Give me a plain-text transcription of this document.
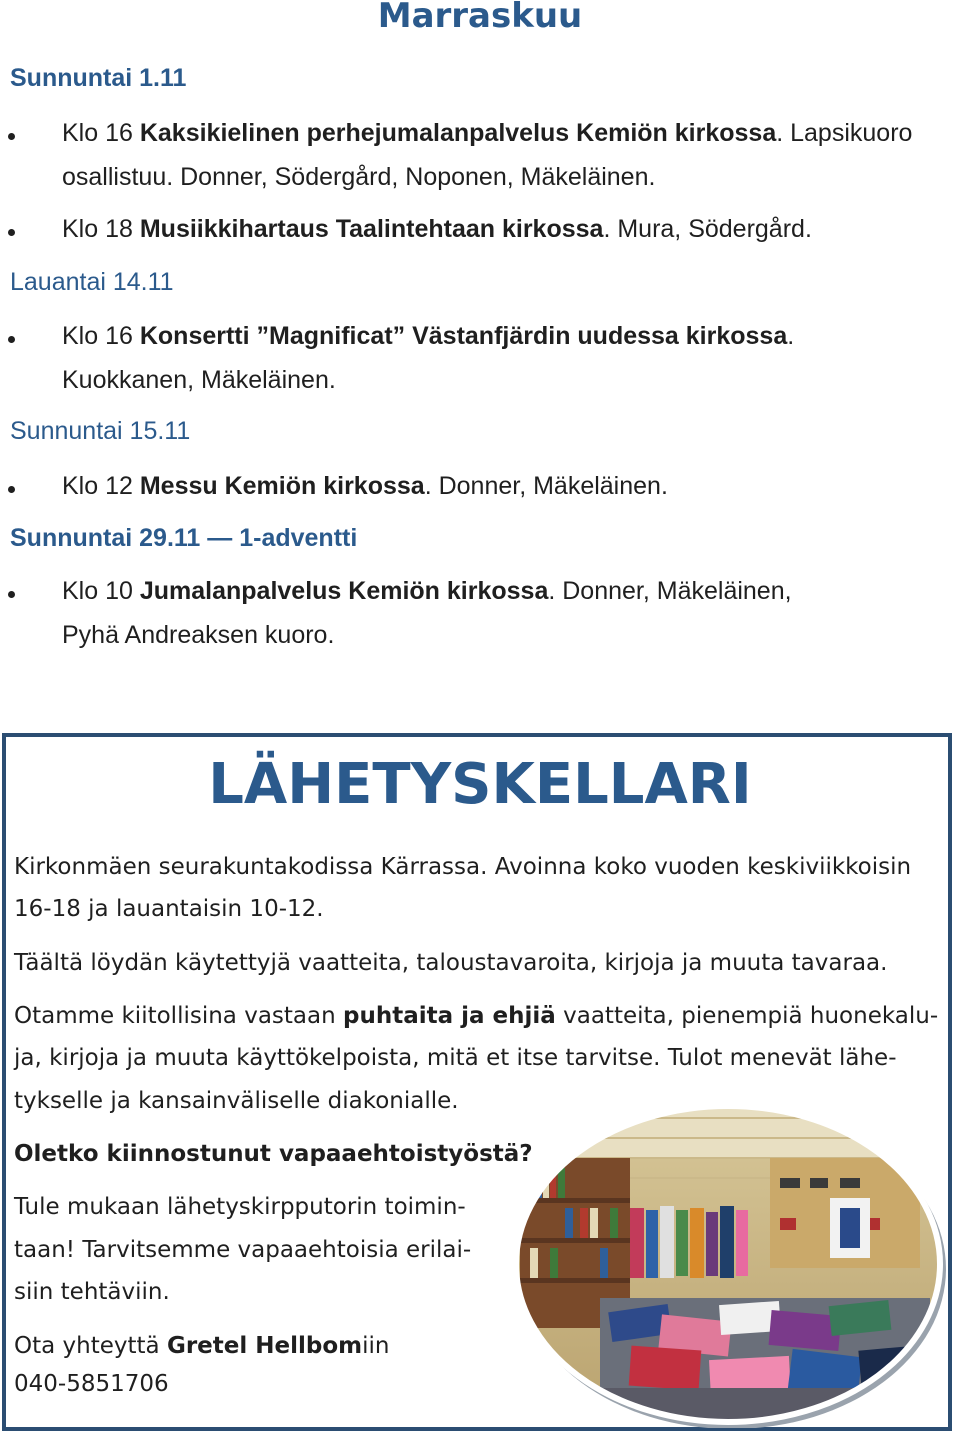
Marraskuu
Sunnuntai 1.11
Klo 16 Kaksikielinen perhejumalanpalvelus Kemiön kirkossa. Lapsikuoro
osallistuu. Donner, Södergård, Noponen, Mäkeläinen.
Klo 18 Musiikkihartaus Taalintehtaan kirkossa. Mura, Södergård.
Lauantai 14.11
Klo 16 Konsertti ”Magnificat” Västanfjärdin uudessa kirkossa.
Kuokkanen, Mäkeläinen.
Sunnuntai 15.11
Klo 12 Messu Kemiön kirkossa. Donner, Mäkeläinen.
Sunnuntai 29.11 — 1-adventti
Klo 10 Jumalanpalvelus Kemiön kirkossa. Donner, Mäkeläinen,
Pyhä Andreaksen kuoro.
LÄHETYSKELLARI
Kirkonmäen seurakuntakodissa Kärrassa. Avoinna koko vuoden keskiviikkoisin
16-18 ja lauantaisin 10-12.
Täältä löydän käytettyjä vaatteita, taloustavaroita, kirjoja ja muuta tavaraa.
Otamme kiitollisina vastaan puhtaita ja ehjiä vaatteita, pienempiä huonekalu-
ja, kirjoja ja muuta käyttökelpoista, mitä et itse tarvitse. Tulot menevät lähe-
tykselle ja kansainväliselle diakonialle.
Oletko kiinnostunut vapaaehtoistyöstä?
Tule mukaan lähetyskirpputorin toimin-
taan! Tarvitsemme vapaaehtoisia erilai-
siin tehtäviin.
Ota yhteyttä Gretel Hellbomiin
040-5851706
